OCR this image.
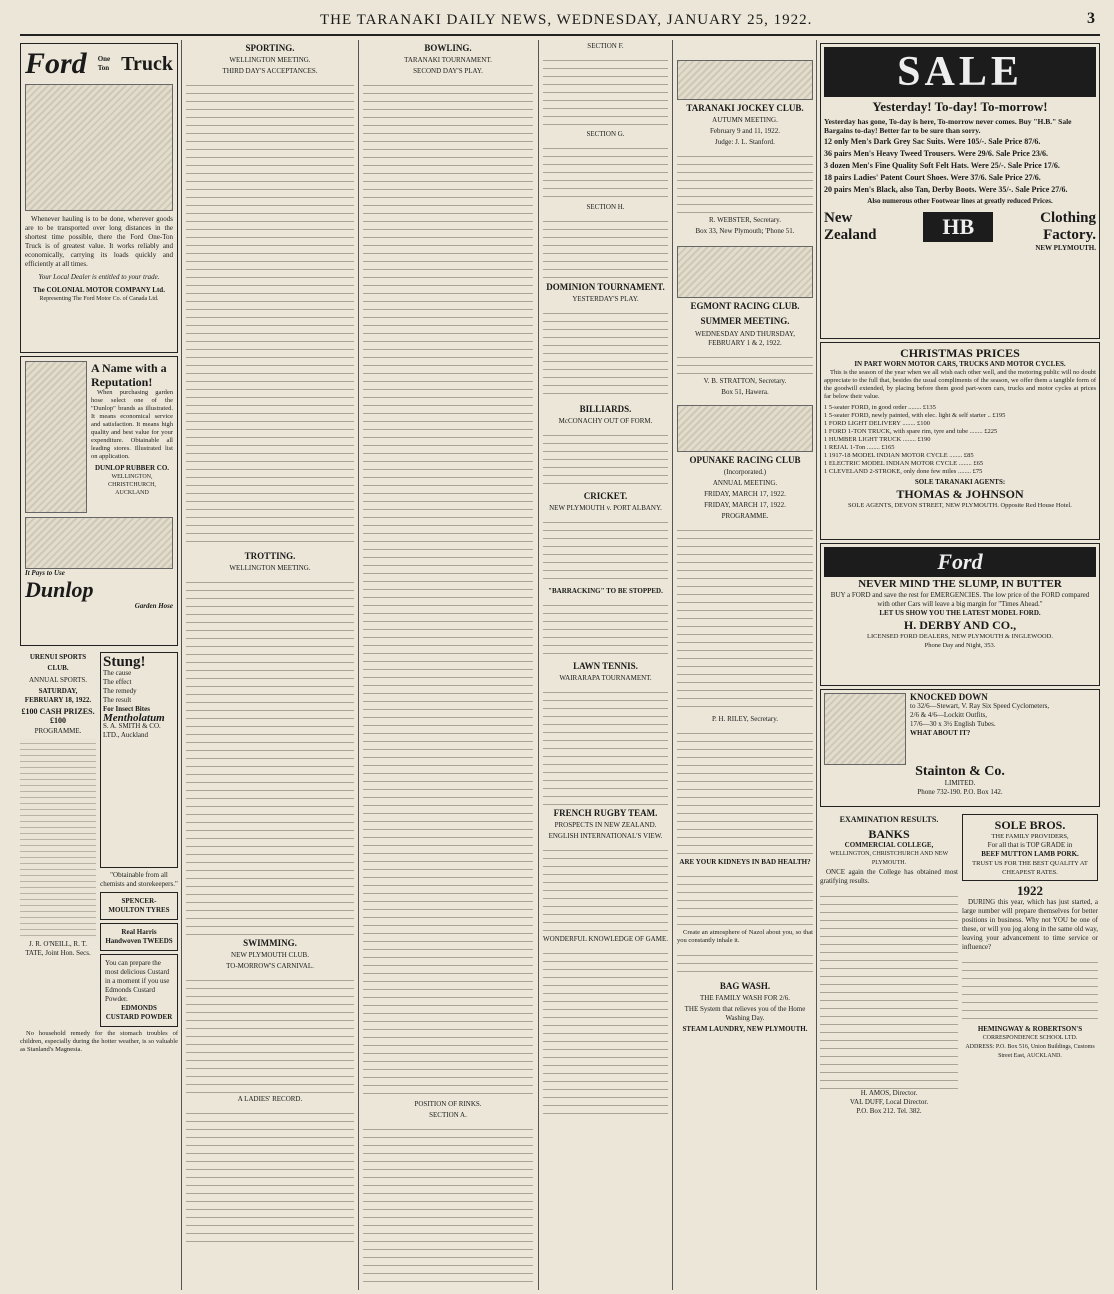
THE TARANAKI DAILY NEWS, WEDNESDAY, JANUARY 25, 1922.	3
Ford One
Ton Truck
Whenever hauling is to be done, wherever goods are to be transported over long distances in the shortest time possible, there the Ford One-Ton Truck is of greatest value. It works reliably and economically, carrying its loads quickly and efficiently at all times.
Your Local Dealer is entitled to your trade.
The COLONIAL MOTOR COMPANY Ltd.
Representing The Ford Motor Co. of Canada Ltd.
A Name with a Reputation!
When purchasing garden hose select one of the "Dunlop" brands as illustrated. It means economical service and satisfaction. It means high quality and best value for your expenditure. Obtainable all leading stores. Illustrated list on application.
DUNLOP RUBBER CO.
WELLINGTON, CHRISTCHURCH, AUCKLAND
It Pays to Use
Dunlop
Garden Hose
URENUI SPORTS CLUB.
ANNUAL SPORTS.
SATURDAY, FEBRUARY 18, 1922.
£100 CASH PRIZES. £100
PROGRAMME.
J. R. O'NEILL, R. T. TATE, Joint Hon. Secs.
Stung!
The cause
The effect
The remedy
The result
For Insect Bites
Mentholatum
S. A. SMITH & CO. LTD., Auckland
"Obtainable from all chemists and storekeepers."
SPENCER-MOULTON TYRES
Real Harris Handwoven TWEEDS
You can prepare the most delicious Custard in a moment if you use Edmonds Custard Powder.
EDMONDS CUSTARD POWDER
No household remedy for the stomach troubles of children, especially during the hotter weather, is so valuable as Stanland's Magnesia.
SPORTING.
WELLINGTON MEETING.
THIRD DAY'S ACCEPTANCES.
TROTTING.
WELLINGTON MEETING.
SWIMMING.
NEW PLYMOUTH CLUB.
TO-MORROW'S CARNIVAL.
A LADIES' RECORD.
BOWLING.
TARANAKI TOURNAMENT.
SECOND DAY'S PLAY.
POSITION OF RINKS.
SECTION A.
SECTION F.
SECTION G.
SECTION H.
DOMINION TOURNAMENT.
YESTERDAY'S PLAY.
BILLIARDS.
McCONACHY OUT OF FORM.
CRICKET.
NEW PLYMOUTH v. PORT ALBANY.
"BARRACKING" TO BE STOPPED.
LAWN TENNIS.
WAIRARAPA TOURNAMENT.
FRENCH RUGBY TEAM.
PROSPECTS IN NEW ZEALAND.
ENGLISH INTERNATIONAL'S VIEW.
WONDERFUL KNOWLEDGE OF GAME.
TARANAKI JOCKEY CLUB.
AUTUMN MEETING.
February 9 and 11, 1922.
Judge: J. L. Stanford.
R. WEBSTER, Secretary.
Box 33, New Plymouth; 'Phone 51.
EGMONT RACING CLUB.
SUMMER MEETING.
WEDNESDAY AND THURSDAY, FEBRUARY 1 & 2, 1922.
V. B. STRATTON, Secretary.
Box 51, Hawera.
OPUNAKE RACING CLUB
(Incorporated.)
ANNUAL MEETING.
FRIDAY, MARCH 17, 1922.
FRIDAY, MARCH 17, 1922.
PROGRAMME.
P. H. RILEY, Secretary.
ARE YOUR KIDNEYS IN BAD HEALTH?
Create an atmosphere of Nazol about you, so that you constantly inhale it.
BAG WASH.
THE FAMILY WASH FOR 2/6.
THE System that relieves you of the Home Washing Day.
STEAM LAUNDRY, NEW PLYMOUTH.
SALE
Yesterday! To-day! To-morrow!
Yesterday has gone, To-day is here, To-morrow never comes. Buy "H.B." Sale Bargains to-day! Better far to be sure than sorry.
12 only Men's Dark Grey Sac Suits. Were 105/-. Sale Price 87/6.
36 pairs Men's Heavy Tweed Trousers. Were 29/6. Sale Price 23/6.
3 dozen Men's Fine Quality Soft Felt Hats. Were 25/-. Sale Price 17/6.
18 pairs Ladies' Patent Court Shoes. Were 37/6. Sale Price 27/6.
20 pairs Men's Black, also Tan, Derby Boots. Were 35/-. Sale Price 27/6.
Also numerous other Footwear lines at greatly reduced Prices.
New
Zealand	HB	Clothing
Factory.
NEW PLYMOUTH.
CHRISTMAS PRICES
IN PART WORN MOTOR CARS, TRUCKS AND MOTOR CYCLES.
This is the season of the year when we all wish each other well, and the motoring public will no doubt appreciate to the full that, besides the usual compliments of the season, we offer them a tangible form of the goodwill extended, by placing before them good part-worn cars, trucks and motor cycles at prices far below their value.
1 5-seater FORD, in good order ........ £135
1 5-seater FORD, newly painted, with elec. light & self starter .. £195
1 FORD LIGHT DELIVERY ........ £100
1 FORD 1-TON TRUCK, with spare rim, tyre and tube ........ £225
1 HUMBER LIGHT TRUCK ........ £190
1 REJAL 1-Ton ........ £165
1 1917-18 MODEL INDIAN MOTOR CYCLE ........ £85
1 ELECTRIC MODEL INDIAN MOTOR CYCLE ........ £65
1 CLEVELAND 2-STROKE, only done few miles ........ £75
SOLE TARANAKI AGENTS:
THOMAS & JOHNSON
SOLE AGENTS, DEVON STREET, NEW PLYMOUTH. Opposite Red House Hotel.
Ford
NEVER MIND THE SLUMP, IN BUTTER
BUY a FORD and save the rest for EMERGENCIES. The low price of the FORD compared with other Cars will leave a big margin for "Times Ahead."
LET US SHOW YOU THE LATEST MODEL FORD.
H. DERBY AND CO.,
LICENSED FORD DEALERS, NEW PLYMOUTH & INGLEWOOD.
Phone Day and Night, 353.
KNOCKED DOWN
to 32/6—Stewart, V. Ray Six Speed Cyclometers,
2/6 & 4/6—Lockitt Outfits,
17/6—30 x 3½ English Tubes.
WHAT ABOUT IT?
Stainton & Co.
LIMITED.
Phone 732-190. P.O. Box 142.
EXAMINATION RESULTS.
BANKS
COMMERCIAL COLLEGE,
WELLINGTON, CHRISTCHURCH AND NEW PLYMOUTH.
ONCE again the College has obtained most gratifying results.
H. AMOS, Director.
VAL DUFF, Local Director.
P.O. Box 212. Tel. 382.
SOLE BROS.
THE FAMILY PROVIDERS,
For all that is TOP GRADE in
BEEF MUTTON LAMB PORK.
TRUST US FOR THE BEST QUALITY AT CHEAPEST RATES.
1922
DURING this year, which has just started, a large number will prepare themselves for better positions in business. Why not YOU be one of these, or will you jog along in the same old way, leaving your advancement to time service or influence?
HEMINGWAY & ROBERTSON'S
CORRESPONDENCE SCHOOL LTD.
ADDRESS: P.O. Box 516, Union Buildings, Customs Street East, AUCKLAND.
